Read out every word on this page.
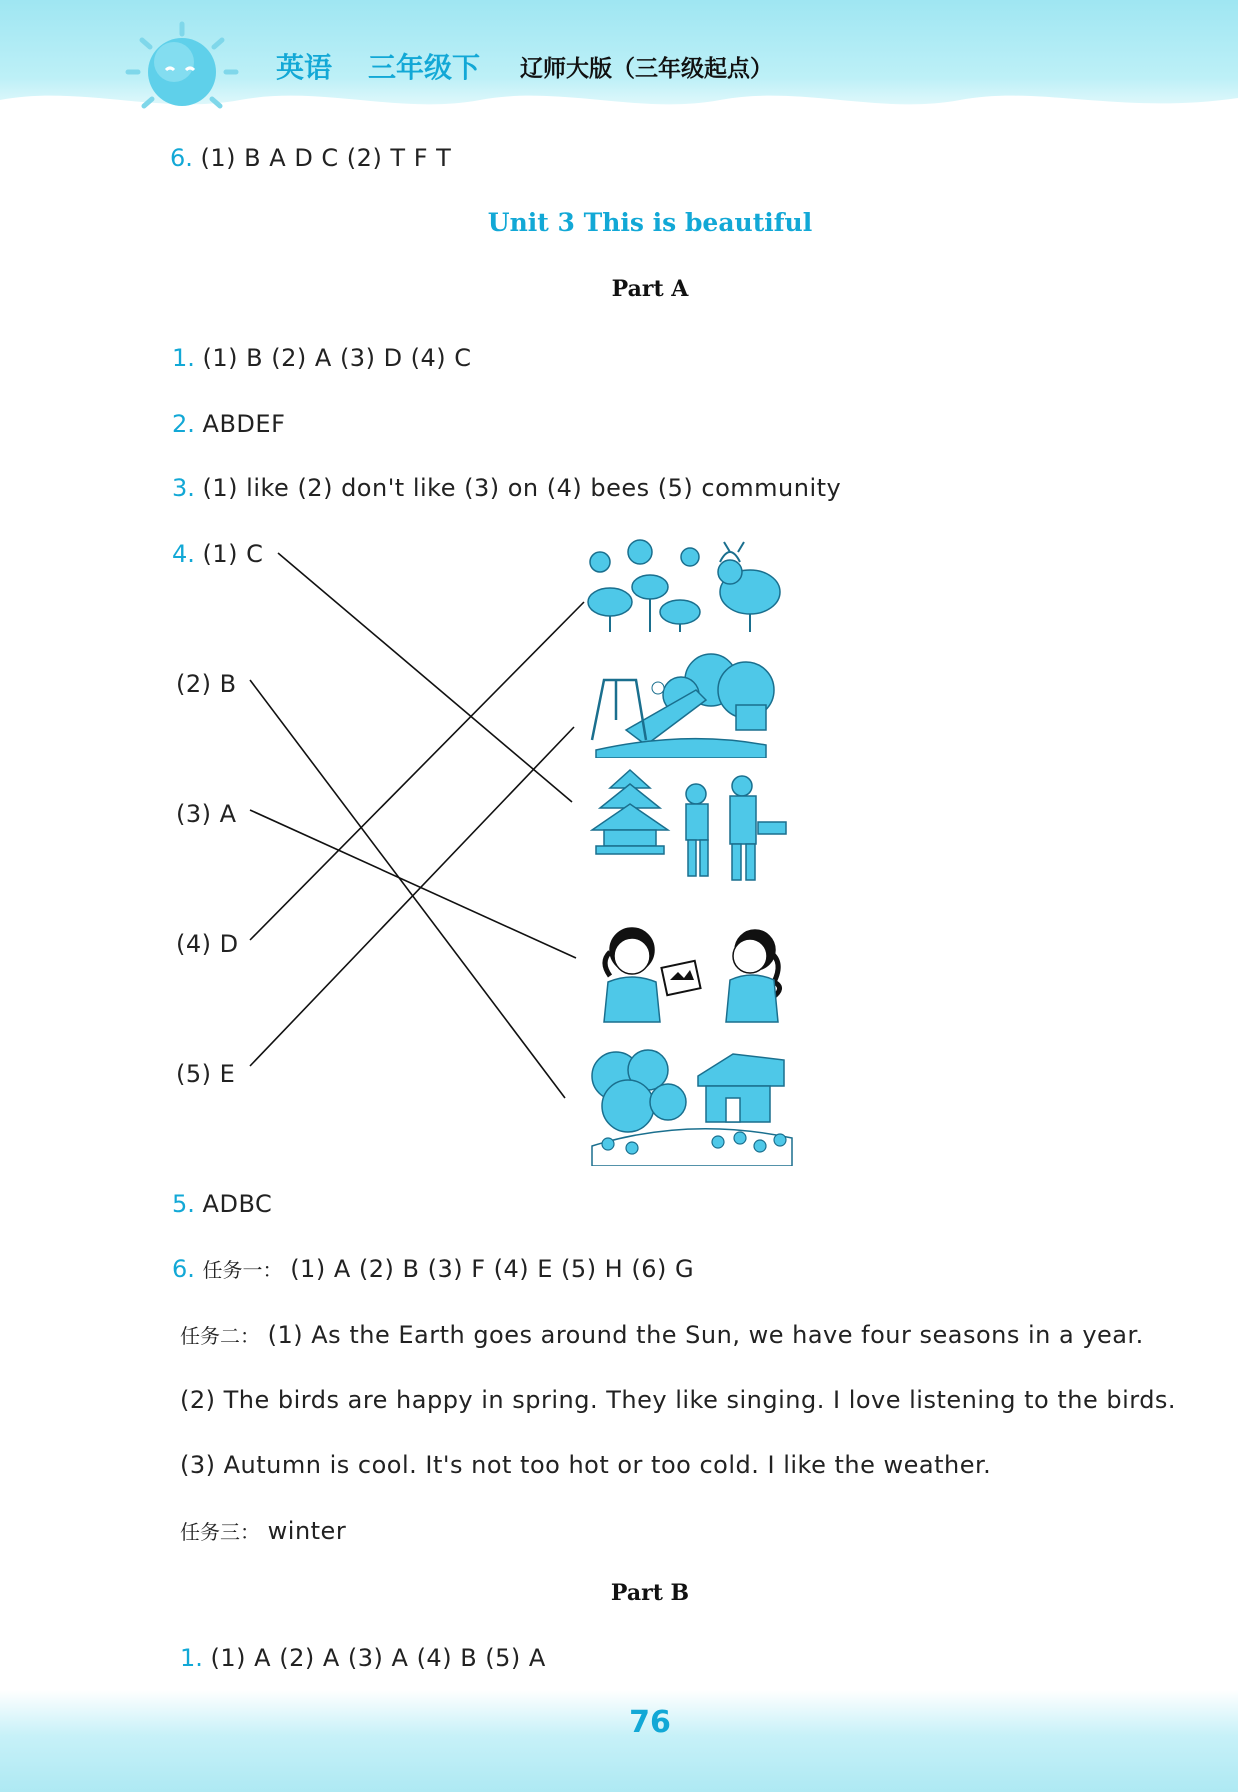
英语 三年级下 辽师大版（三年级起点）
6. (1) B A D C (2) T F T
Unit 3 This is beautiful
Part A
1. (1) B (2) A (3) D (4) C
2. ABDEF
3. (1) like (2) don't like (3) on (4) bees (5) community
4. (1) C
(2) B
(3) A
(4) D
(5) E
5. ADBC
6. 任务一： (1) A (2) B (3) F (4) E (5) H (6) G
任务二： (1) As the Earth goes around the Sun, we have four seasons in a year.
(2) The birds are happy in spring. They like singing. I love listening to the birds.
(3) Autumn is cool. It's not too hot or too cold. I like the weather.
任务三： winter
Part B
1. (1) A (2) A (3) A (4) B (5) A
76
